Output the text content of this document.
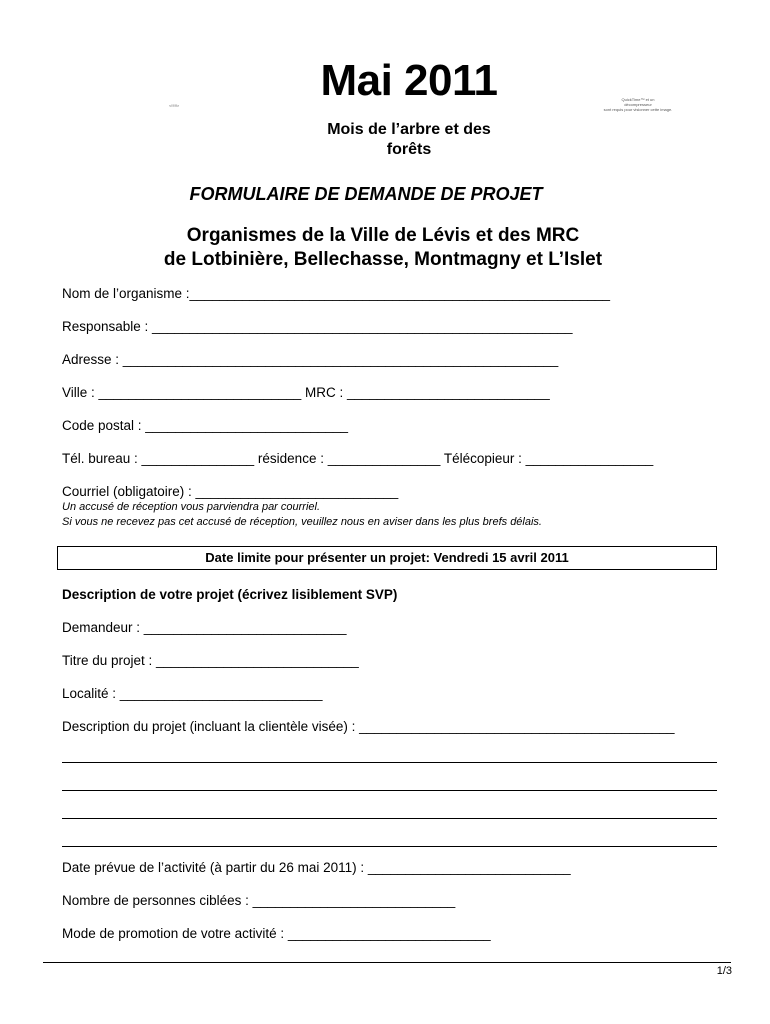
Mai 2011
<!!!!!>
QuickTime™ et un
décompresseur
sont requis pour visionner cette image.
Mois de l’arbre et des
forêts
FORMULAIRE DE DEMANDE DE PROJET
Organismes de la Ville de Lévis et des MRC
de Lotbinière, Bellechasse, Montmagny et L’Islet
Nom de l’organisme :________________________________________________________
Responsable : ________________________________________________________
Adresse : __________________________________________________________
Ville : ___________________________ MRC : ___________________________
Code postal : ___________________________
Tél. bureau : _______________ résidence : _______________ Télécopieur : _________________
Courriel (obligatoire) : ___________________________
Un accusé de réception vous parviendra par courriel.
Si vous ne recevez pas cet accusé de réception, veuillez nous en aviser dans les plus brefs délais.
Date limite pour présenter un projet: Vendredi 15 avril 2011
Description de votre projet (écrivez lisiblement SVP)
Demandeur : ___________________________
Titre du projet : ___________________________
Localité : ___________________________
Description du projet (incluant la clientèle visée) : __________________________________________
Date prévue de l’activité (à partir du 26 mai 2011) : ___________________________
Nombre de personnes ciblées : ___________________________
Mode de promotion de votre activité : ___________________________
1/3
